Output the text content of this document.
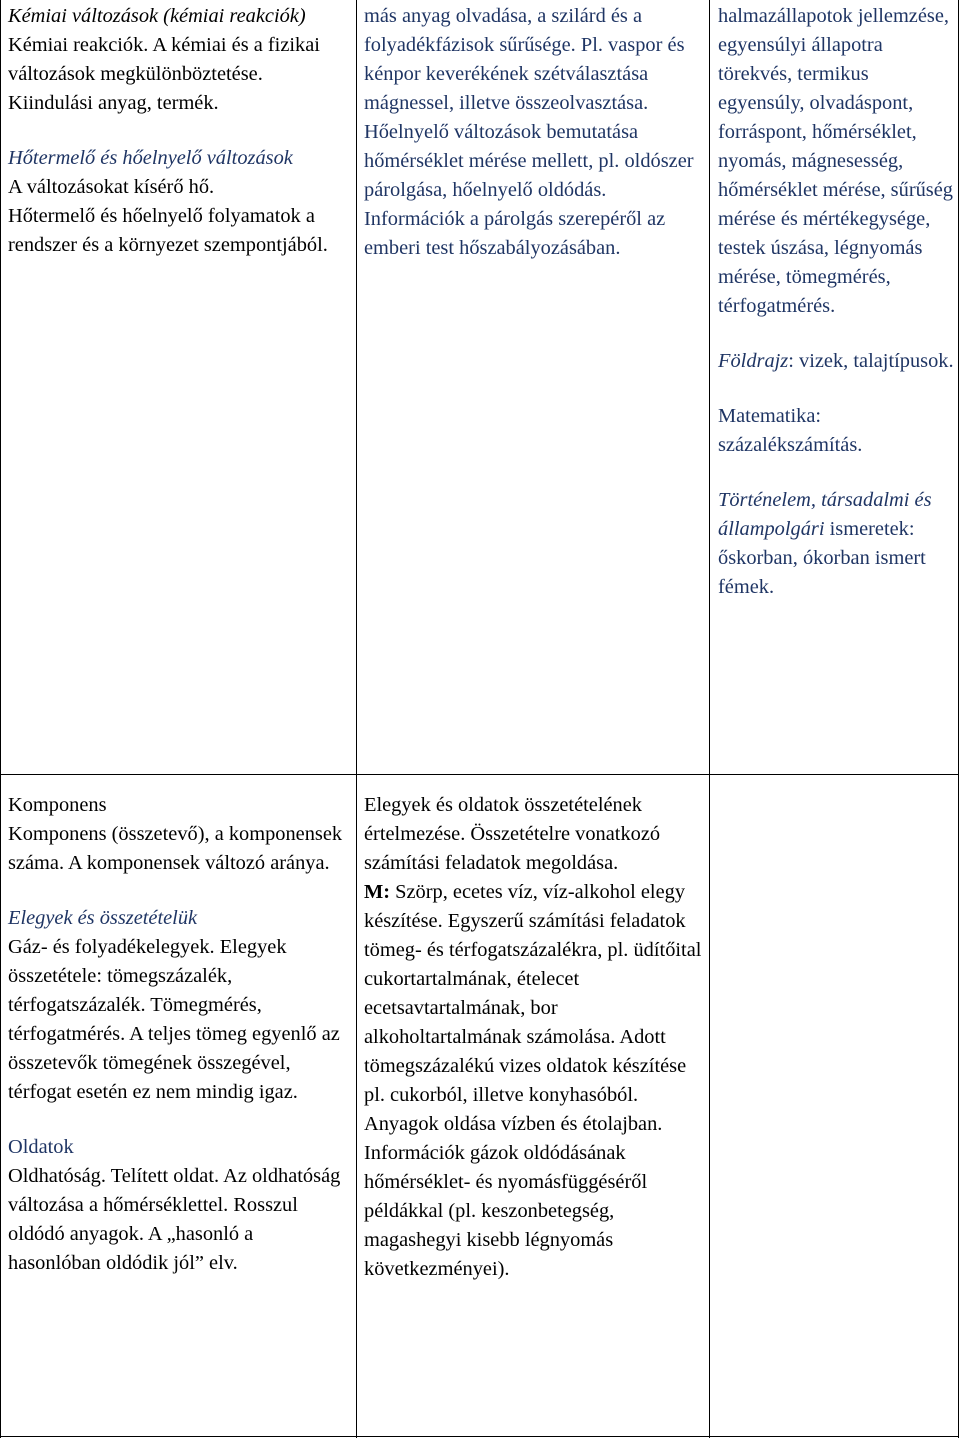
Kémiai változások (kémiai reakciók)

Kémiai reakciók. A kémiai és a fizikai változások megkülönböztetése. Kiindulási anyag, termék.

Hőtermelő és hőelnyelő változások

A változásokat kísérő hő.

Hőtermelő és hőelnyelő folyamatok a rendszer és a környezet szempontjából.

más anyag olvadása, a szilárd és a folyadékfázisok sűrűsége. Pl. vaspor és kénpor keverékének szétválasztása mágnessel, illetve összeolvasztása. Hőelnyelő változások bemutatása hőmérséklet mérése mellett, pl. oldószer párolgása, hőelnyelő oldódás. Információk a párolgás szerepéről az emberi test hőszabályozásában.

halmazállapotok jellemzése, egyensúlyi állapotra törekvés, termikus egyensúly, olvadáspont, forráspont, hőmérséklet, nyomás, mágnesesség, hőmérséklet mérése, sűrűség mérése és mértékegysége, testek úszása, légnyomás mérése, tömegmérés, térfogatmérés.

Földrajz: vizek, talajtípusok.

Matematika: százalékszámítás.

Történelem, társadalmi és állampolgári ismeretek: őskorban, ókorban ismert fémek.

Komponens

Komponens (összetevő), a komponensek száma. A komponensek változó aránya.

Elegyek és összetételük

Gáz- és folyadékelegyek. Elegyek összetétele: tömegszázalék, térfogatszázalék. Tömegmérés, térfogatmérés. A teljes tömeg egyenlő az összetevők tömegének összegével, térfogat esetén ez nem mindig igaz.

Oldatok

Oldhatóság. Telített oldat. Az oldhatóság változása a hőmérséklettel. Rosszul oldódó anyagok. A „hasonló a hasonlóban oldódik jól” elv.

Elegyek és oldatok összetételének értelmezése. Összetételre vonatkozó számítási feladatok megoldása.

M: Szörp, ecetes víz, víz-alkohol elegy készítése. Egyszerű számítási feladatok tömeg- és térfogatszázalékra, pl. üdítőital cukortartalmának, ételecet ecetsavtartalmának, bor alkoholtartalmának számolása. Adott tömegszázalékú vizes oldatok készítése pl. cukorból, illetve konyhasóból. Anyagok oldása vízben és étolajban. Információk gázok oldódásának hőmérséklet- és nyomásfüggéséről példákkal (pl. keszonbetegség, magashegyi kisebb légnyomás következményei).
